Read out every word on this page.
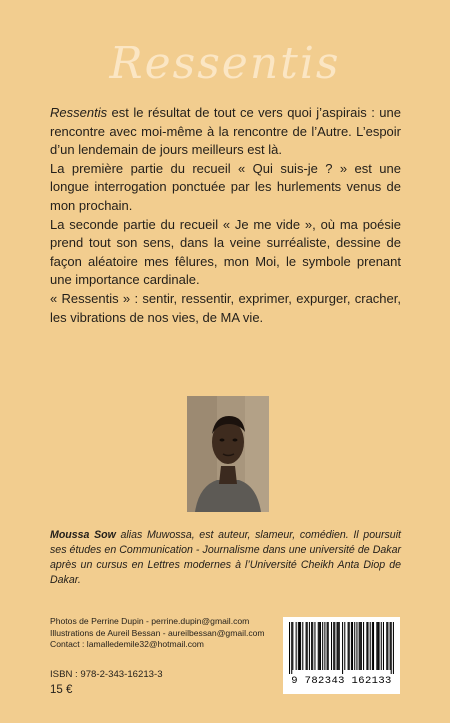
Ressentis

Ressentis est le résultat de tout ce vers quoi j’aspirais : une rencontre avec moi-même à la rencontre de l’Autre. L’espoir d’un lendemain de jours meilleurs est là.

La première partie du recueil « Qui suis-je ? » est une longue interrogation ponctuée par les hurlements venus de mon prochain.

La seconde partie du recueil « Je me vide », où ma poésie prend tout son sens, dans la veine surréaliste, dessine de façon aléatoire mes fêlures, mon Moi, le symbole prenant une importance cardinale.

« Ressentis » : sentir, ressentir, exprimer, expurger, cracher, les vibrations de nos vies, de MA vie.

Moussa Sow alias Muwossa, est auteur, slameur, comédien. Il poursuit ses études en Communication - Journalisme dans une université de Dakar après un cursus en Lettres modernes à l’Université Cheikh Anta Diop de Dakar.
Photos de Perrine Dupin - perrine.dupin@gmail.com
Illustrations de Aureil Bessan - aureilbessan@gmail.com
Contact : lamalledemile32@hotmail.com
ISBN : 978-2-343-16213-3
15 €
9 782343 162133
